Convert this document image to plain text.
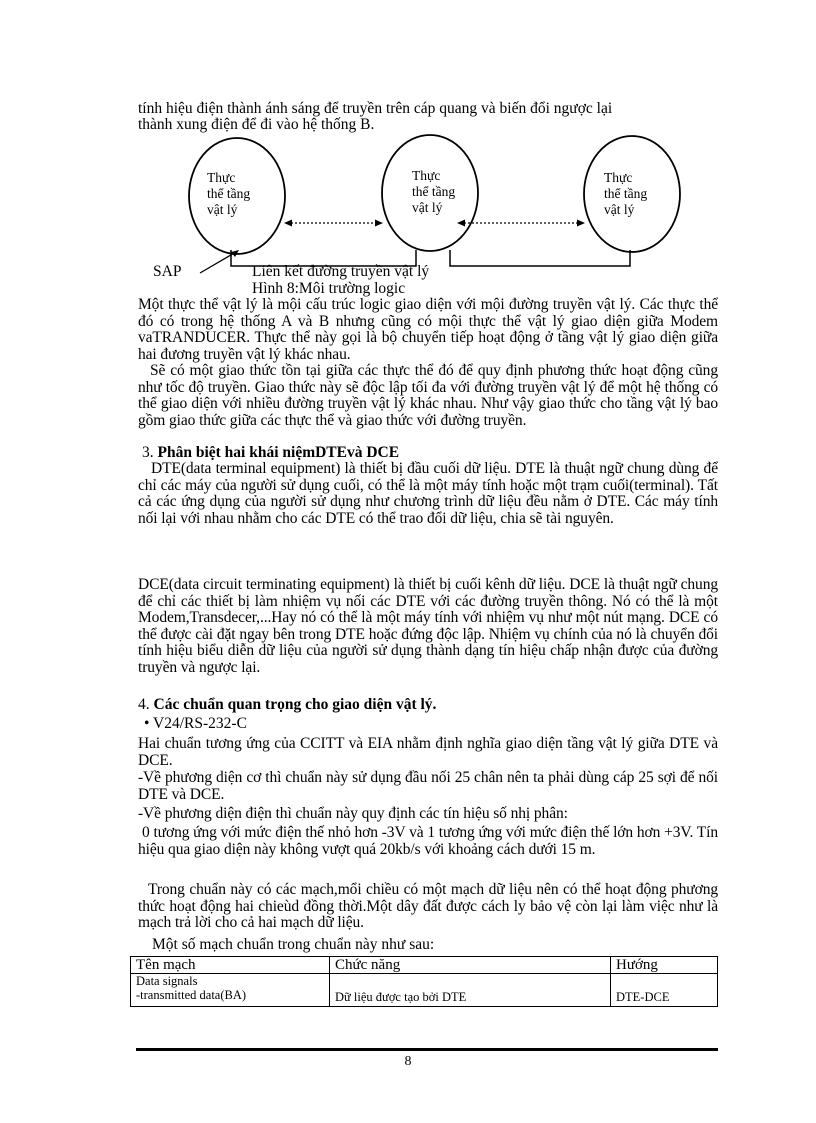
tính hiệu điện thành ánh sáng để truyền trên cáp quang và biến đổi ngược lại
thành xung điện để đi vào hệ thống B.
Thực
thể tầng
vật lý
Thực
thể tầng
vật lý
Thực
thể tầng
vật lý
SAP	Liên kết đường truyền vật lý
Hình 8:Môi trường logic

Một thực thể vật lý là mội cấu trúc logic giao diện với mội đường truyền vật lý. Các thực thể đó có trong hệ thống A và B nhưng cũng có mội thực thể vật lý giao diện giữa Modem vaTRANDUCER. Thực thể này gọi là bộ chuyển tiếp hoạt động ở tầng vật lý giao diện giữa hai đương truyền vật lý khác nhau.

Sẽ có một giao thức tồn tại giữa các thực thể đó để quy định phương thức hoạt động cũng như tốc độ truyền. Giao thức này sẽ độc lập tối đa với đường truyền vật lý để một hệ thống có thể giao diện với nhiều đường truyền vật lý khác nhau. Như vậy giao thức cho tầng vật lý bao gồm giao thức giữa các thực thể và giao thức với đường truyền.

3. Phân biệt hai khái niệmDTEvà DCE

DTE(data terminal equipment) là thiết bị đầu cuối dữ liệu. DTE là thuật ngữ chung dùng để chỉ các máy của người sử dụng cuối, có thể là một máy tính hoặc một trạm cuối(terminal). Tất cả các ứng dụng của người sử dụng như chương trình dữ liệu đều nằm ở DTE. Các máy tính nối lại với nhau nhằm cho các DTE có thể trao đổi dữ liệu, chia sẽ tài nguyên.

DCE(data circuit terminating equipment) là thiết bị cuối kênh dữ liệu. DCE là thuật ngữ chung để chỉ các thiết bị làm nhiệm vụ nối các DTE với các đường truyền thông. Nó có thể là một Modem,Transdecer,...Hay nó có thể là một máy tính với nhiệm vụ như một nút mạng. DCE có thể được cài đặt ngay bên trong DTE hoặc đứng độc lập. Nhiệm vụ chính của nó là chuyển đổi tính hiệu biểu diễn dữ liệu của người sử dụng thành dạng tín hiệu chấp nhận được của đường truyền và ngược lại.

4. Các chuẩn quan trọng cho giao diện vật lý.
• V24/RS-232-C

Hai chuẩn tương ứng của CCITT và EIA nhằm định nghĩa giao diện tầng vật lý giữa DTE và DCE.

-Về phương diện cơ thì chuẩn này sử dụng đầu nối 25 chân nên ta phải dùng cáp 25 sợi để nối DTE và DCE.

-Về phương diện điện thì chuẩn này quy định các tín hiệu số nhị phân:

0 tương ứng với mức điện thế nhỏ hơn -3V và 1 tương ứng với mức điện thế lớn hơn +3V. Tín hiệu qua giao diện này không vượt quá 20kb/s với khoảng cách dưới 15 m.

Trong chuẩn này có các mạch,mổi chiều có một mạch dữ liệu nên có thể hoạt động phương thức hoạt động hai chieùd đồng thời.Một dây đất được cách ly bảo vệ còn lại làm việc như là mạch trả lời cho cả hai mạch dữ liệu.

Một số mạch chuẩn trong chuẩn này như sau:
Tên mạch	Chức năng	Hướng

Data signals
-transmitted data(BA)	Dữ liệu được tạo bởi DTE	DTE-DCE
8
